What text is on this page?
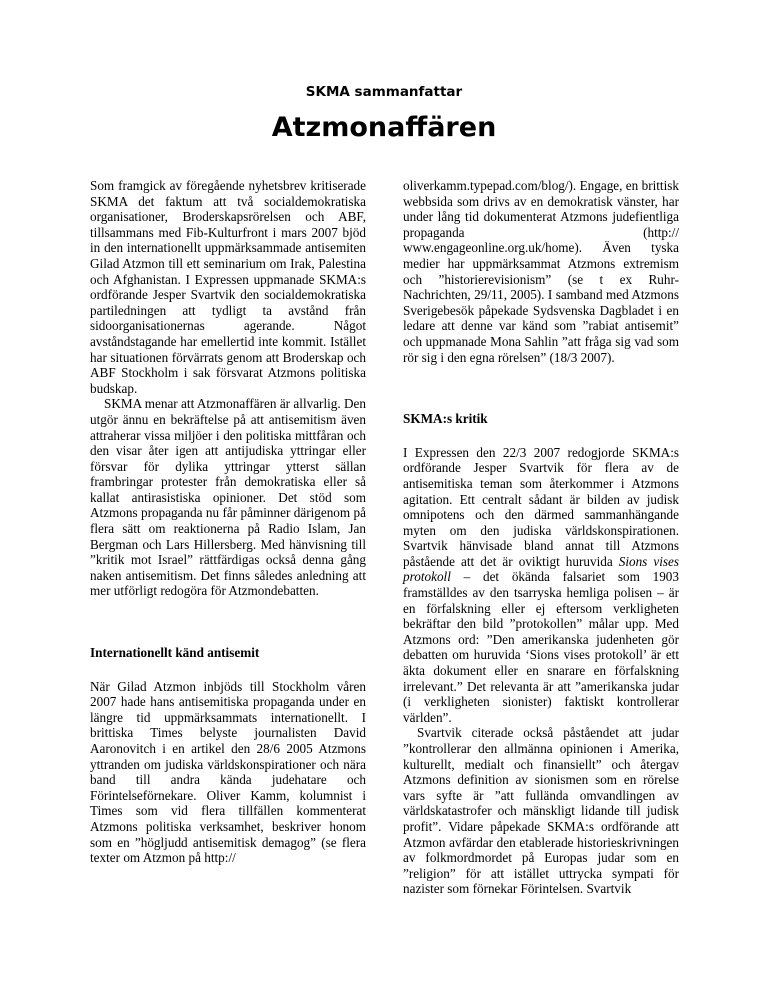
SKMA sammanfattar
Atzmonaffären

Som framgick av föregående nyhetsbrev kritiserade SKMA det faktum att två socialdemokratiska organisationer, Broderskapsrörelsen och ABF, tillsammans med Fib-Kulturfront i mars 2007 bjöd in den internationellt uppmärksammade antisemiten Gilad Atzmon till ett seminarium om Irak, Palestina och Afghanistan. I Expressen uppmanade SKMA:s ordförande Jesper Svartvik den socialdemokratiska partiledningen att tydligt ta avstånd från sidoorganisationernas agerande. Något avståndstagande har emellertid inte kommit. Istället har situationen förvärrats genom att Broderskap och ABF Stockholm i sak försvarat Atzmons politiska budskap.

SKMA menar att Atzmonaffären är allvarlig. Den utgör ännu en bekräftelse på att antisemitism även attraherar vissa miljöer i den politiska mittfåran och den visar åter igen att antijudiska yttringar eller försvar för dylika yttringar ytterst sällan frambringar protester från demokratiska eller så kallat antirasistiska opinioner. Det stöd som Atzmons propaganda nu får påminner därigenom på flera sätt om reaktionerna på Radio Islam, Jan Bergman och Lars Hillersberg. Med hänvisning till ”kritik mot Israel” rättfärdigas också denna gång naken antisemitism. Det finns således anledning att mer utförligt redogöra för Atzmondebatten.

Internationellt känd antisemit

När Gilad Atzmon inbjöds till Stockholm våren 2007 hade hans antisemitiska propaganda under en längre tid uppmärksammats internationellt. I brittiska Times belyste journalisten David Aaronovitch i en artikel den 28/6 2005 Atzmons yttranden om judiska världskonspirationer och nära band till andra kända judehatare och Förintelseförnekare. Oliver Kamm, kolumnist i Times som vid flera tillfällen kommenterat Atzmons politiska verksamhet, beskriver honom som en ”högljudd antisemitisk demagog” (se flera texter om Atzmon på http://

oliverkamm.typepad.com/blog/). Engage, en brittisk webbsida som drivs av en demokratisk vänster, har under lång tid dokumenterat Atzmons judefientliga propaganda (http:// www.engageonline.org.uk/home). Även tyska medier har uppmärksammat Atzmons extremism och ”historierevisionism” (se t ex Ruhr-Nachrichten, 29/11, 2005). I samband med Atzmons Sverigebesök påpekade Sydsvenska Dagbladet i en ledare att denne var känd som ”rabiat antisemit” och uppmanade Mona Sahlin ”att fråga sig vad som rör sig i den egna rörelsen” (18/3 2007).

SKMA:s kritik

I Expressen den 22/3 2007 redogjorde SKMA:s ordförande Jesper Svartvik för flera av de antisemitiska teman som återkommer i Atzmons agitation. Ett centralt sådant är bilden av judisk omnipotens och den därmed sammanhängande myten om den judiska världskonspirationen. Svartvik hänvisade bland annat till Atzmons påstående att det är oviktigt huruvida Sions vises protokoll – det ökända falsariet som 1903 framställdes av den tsarryska hemliga polisen – är en förfalskning eller ej eftersom verkligheten bekräftar den bild ”protokollen” målar upp. Med Atzmons ord: ”Den amerikanska judenheten gör debatten om huruvida ‘Sions vises protokoll’ är ett äkta dokument eller en snarare en förfalskning irrelevant.” Det relevanta är att ”amerikanska judar (i verkligheten sionister) faktiskt kontrollerar världen”.

Svartvik citerade också påståendet att judar ”kontrollerar den allmänna opinionen i Amerika, kulturellt, medialt och finansiellt” och återgav Atzmons definition av sionismen som en rörelse vars syfte är ”att fullända omvandlingen av världskatastrofer och mänskligt lidande till judisk profit”. Vidare påpekade SKMA:s ordförande att Atzmon avfärdar den etablerade historieskrivningen av folkmordmordet på Europas judar som en ”religion” för att istället uttrycka sympati för nazister som förnekar Förintelsen. Svartvik
